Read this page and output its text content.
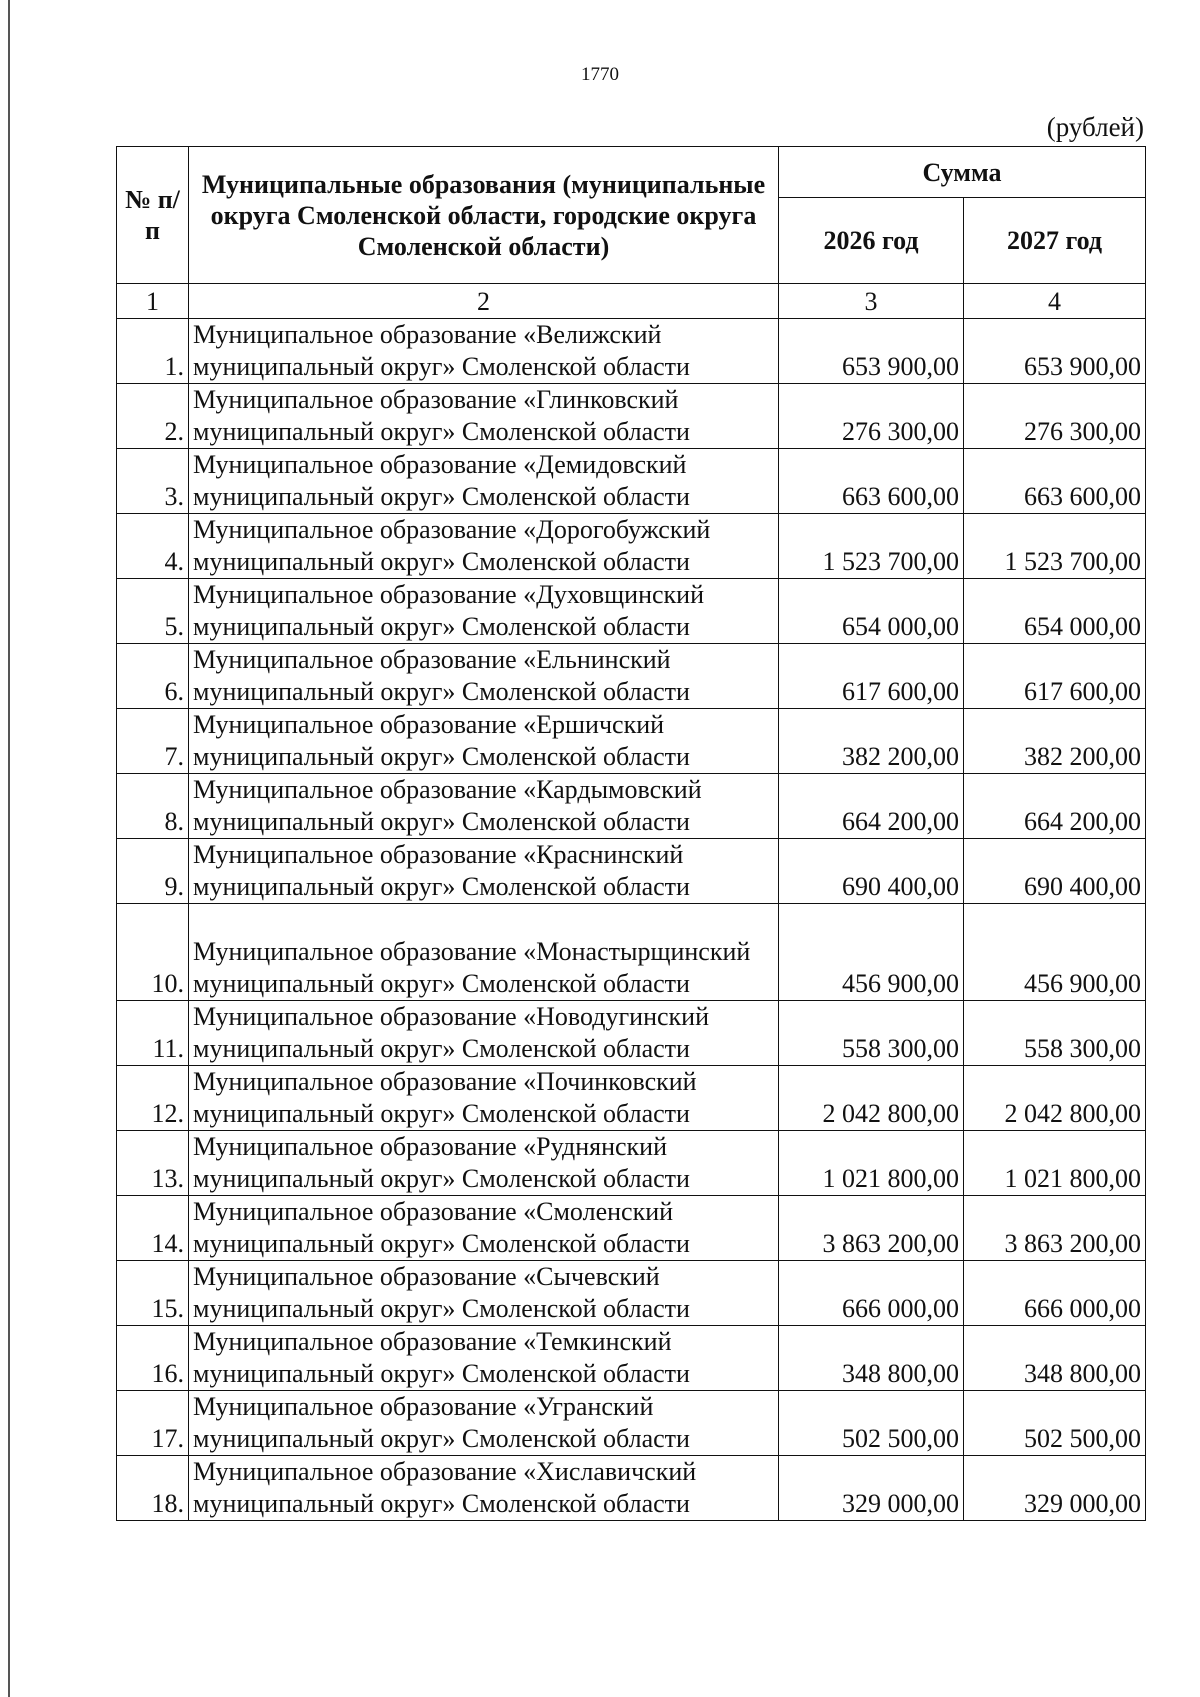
1770
(рублей)
№ п/п	Муниципальные образования (муниципальные округа Смоленской области, городские округа Смоленской области)	Сумма	
		2026 год	2027 год
1	2	3	4
1.	Муниципальное образование «Велижский муниципальный округ» Смоленской области	653 900,00	653 900,00
2.	Муниципальное образование «Глинковский муниципальный округ» Смоленской области	276 300,00	276 300,00
3.	Муниципальное образование «Демидовский муниципальный округ» Смоленской области	663 600,00	663 600,00
4.	Муниципальное образование «Дорогобужский муниципальный округ» Смоленской области	1 523 700,00	1 523 700,00
5.	Муниципальное образование «Духовщинский муниципальный округ» Смоленской области	654 000,00	654 000,00
6.	Муниципальное образование «Ельнинский муниципальный округ» Смоленской области	617 600,00	617 600,00
7.	Муниципальное образование «Ершичский муниципальный округ» Смоленской области	382 200,00	382 200,00
8.	Муниципальное образование «Кардымовский муниципальный округ» Смоленской области	664 200,00	664 200,00
9.	Муниципальное образование «Краснинский муниципальный округ» Смоленской области	690 400,00	690 400,00
10.	Муниципальное образование «Монастырщинский муниципальный округ» Смоленской области	456 900,00	456 900,00
11.	Муниципальное образование «Новодугинский муниципальный округ» Смоленской области	558 300,00	558 300,00
12.	Муниципальное образование «Починковский муниципальный округ» Смоленской области	2 042 800,00	2 042 800,00
13.	Муниципальное образование «Руднянский муниципальный округ» Смоленской области	1 021 800,00	1 021 800,00
14.	Муниципальное образование «Смоленский муниципальный округ» Смоленской области	3 863 200,00	3 863 200,00
15.	Муниципальное образование «Сычевский муниципальный округ» Смоленской области	666 000,00	666 000,00
16.	Муниципальное образование «Темкинский муниципальный округ» Смоленской области	348 800,00	348 800,00
17.	Муниципальное образование «Угранский муниципальный округ» Смоленской области	502 500,00	502 500,00
18.	Муниципальное образование «Хиславичский муниципальный округ» Смоленской области	329 000,00	329 000,00
